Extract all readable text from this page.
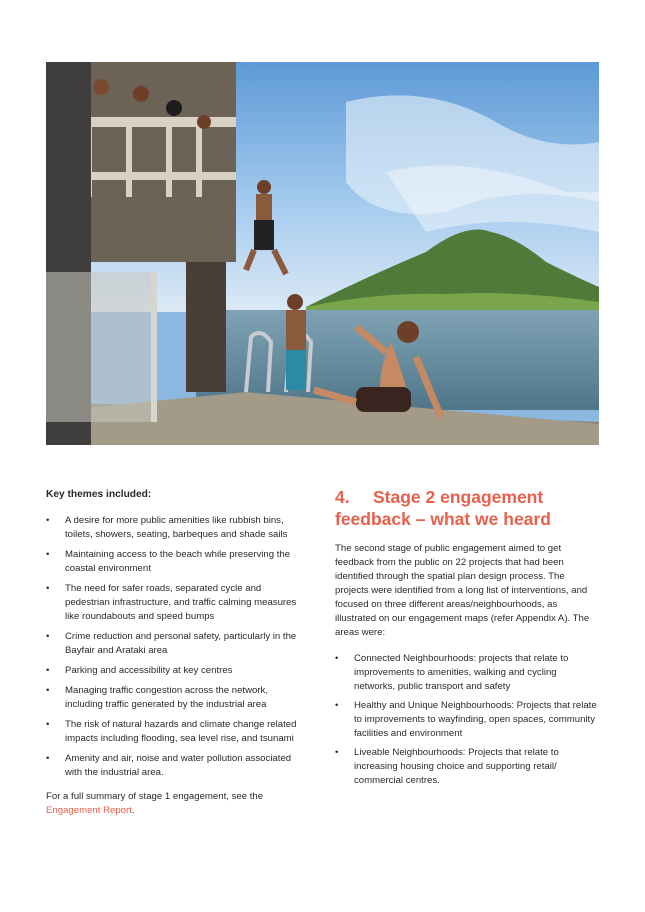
Key themes included:
• A desire for more public amenities like rubbish bins, toilets, showers, seating, barbeques and shade sails
• Maintaining access to the beach while preserving the coastal environment
• The need for safer roads, separated cycle and pedestrian infrastructure, and traffic calming measures like roundabouts and speed bumps
• Crime reduction and personal safety, particularly in the Bayfair and Arataki area
• Parking and accessibility at key centres
• Managing traffic congestion across the network, including traffic generated by the industrial area
• The risk of natural hazards and climate change related impacts including flooding, sea level rise, and tsunami
• Amenity and air, noise and water pollution associated with the industrial area.
For a full summary of stage 1 engagement, see the
Engagement Report.
4. Stage 2 engagement feedback – what we heard

The second stage of public engagement aimed to get feedback from the public on 22 projects that had been identified through the spatial plan design process. The projects were identified from a long list of interventions, and focused on three different areas/neighbourhoods, as illustrated on our engagement maps (refer Appendix A). The areas were:

• Connected Neighbourhoods: projects that relate to improvements to amenities, walking and cycling networks, public transport and safety
• Healthy and Unique Neighbourhoods: Projects that relate to improvements to wayfinding, open spaces, community facilities and environment
• Liveable Neighbourhoods: Projects that relate to increasing housing choice and supporting retail/ commercial centres.
